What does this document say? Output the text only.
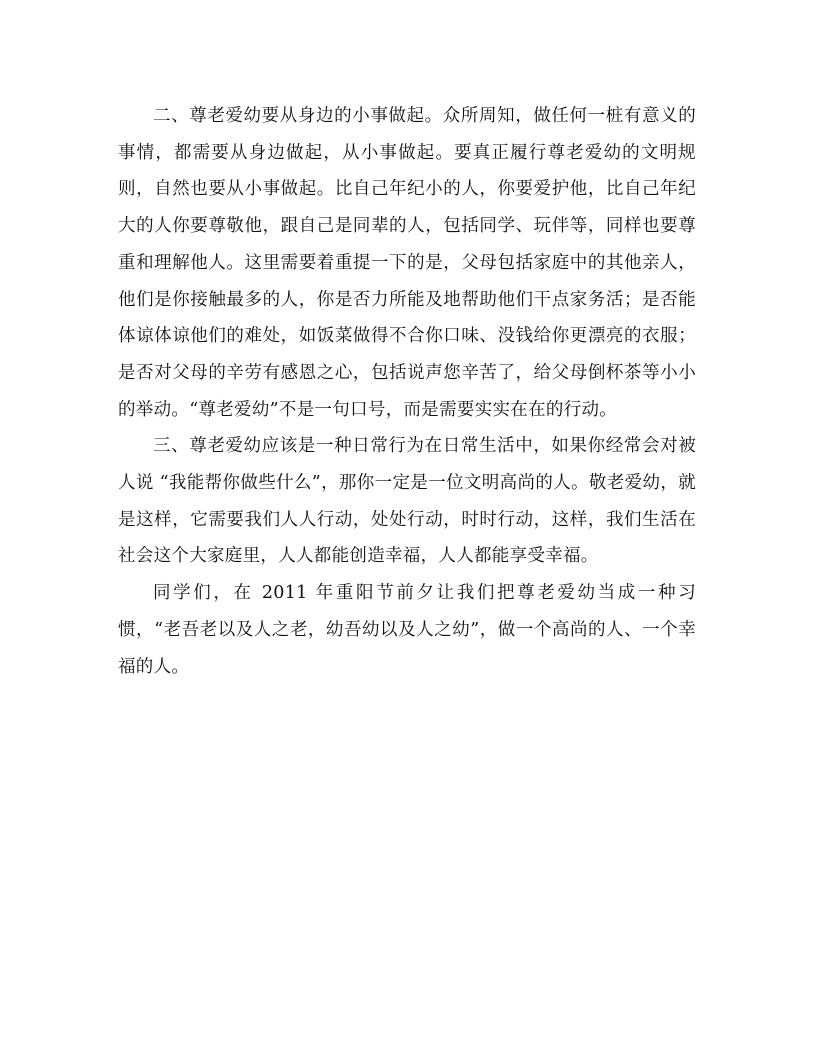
二、尊老爱幼要从身边的小事做起。众所周知，做任何一桩有意义的事情，都需要从身边做起，从小事做起。要真正履行尊老爱幼的文明规则，自然也要从小事做起。比自己年纪小的人，你要爱护他，比自己年纪大的人你要尊敬他，跟自己是同辈的人，包括同学、玩伴等，同样也要尊重和理解他人。这里需要着重提一下的是，父母包括家庭中的其他亲人，他们是你接触最多的人，你是否力所能及地帮助他们干点家务活；是否能体谅体谅他们的难处，如饭菜做得不合你口味、没钱给你更漂亮的衣服；是否对父母的辛劳有感恩之心，包括说声您辛苦了，给父母倒杯茶等小小的举动。“尊老爱幼”不是一句口号，而是需要实实在在的行动。

三、尊老爱幼应该是一种日常行为在日常生活中，如果你经常会对被人说 “我能帮你做些什么”，那你一定是一位文明高尚的人。敬老爱幼，就是这样，它需要我们人人行动，处处行动，时时行动，这样，我们生活在社会这个大家庭里，人人都能创造幸福，人人都能享受幸福。

同学们，在 2011 年重阳节前夕让我们把尊老爱幼当成一种习惯，“老吾老以及人之老，幼吾幼以及人之幼”，做一个高尚的人、一个幸福的人。
